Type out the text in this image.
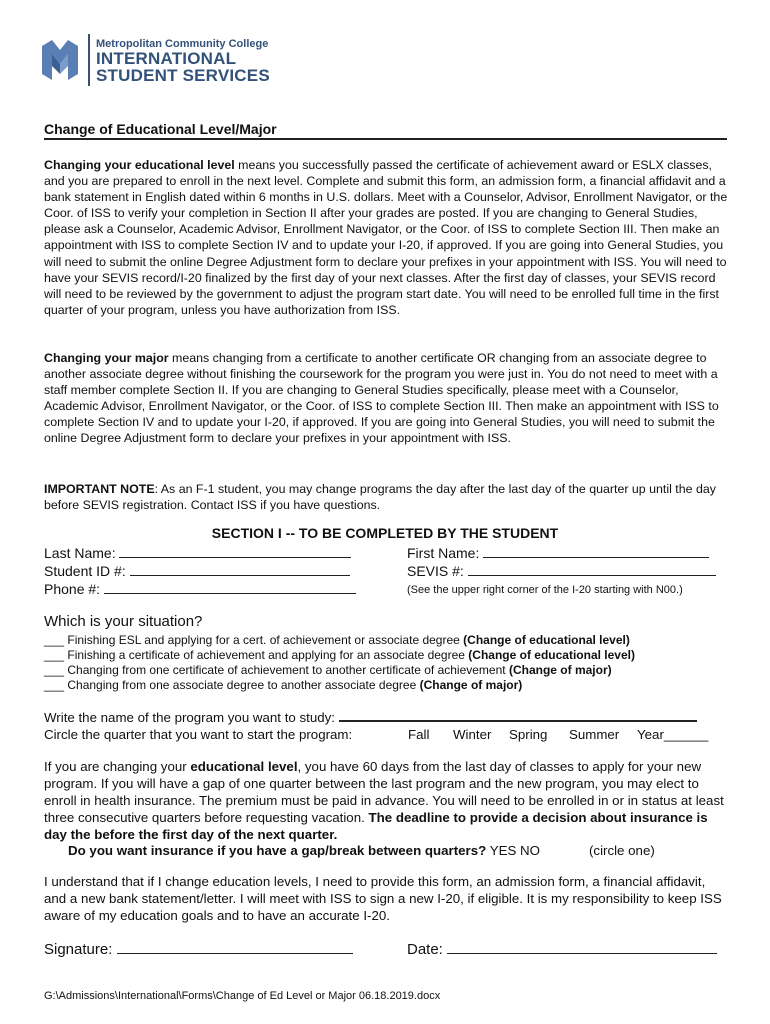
Metropolitan Community College
INTERNATIONAL
STUDENT SERVICES
Change of Educational Level/Major

Changing your educational level means you successfully passed the certificate of achievement award or ESLX classes, and you are prepared to enroll in the next level. Complete and submit this form, an admission form, a financial affidavit and a bank statement in English dated within 6 months in U.S. dollars. Meet with a Counselor, Advisor, Enrollment Navigator, or the Coor. of ISS to verify your completion in Section II after your grades are posted. If you are changing to General Studies, please ask a Counselor, Academic Advisor, Enrollment Navigator, or the Coor. of ISS to complete Section III. Then make an appointment with ISS to complete Section IV and to update your I-20, if approved. If you are going into General Studies, you will need to submit the online Degree Adjustment form to declare your prefixes in your appointment with ISS. You will need to have your SEVIS record/I-20 finalized by the first day of your next classes. After the first day of classes, your SEVIS record will need to be reviewed by the government to adjust the program start date. You will need to be enrolled full time in the first quarter of your program, unless you have authorization from ISS.

Changing your major means changing from a certificate to another certificate OR changing from an associate degree to another associate degree without finishing the coursework for the program you were just in. You do not need to meet with a staff member complete Section II. If you are changing to General Studies specifically, please meet with a Counselor, Academic Advisor, Enrollment Navigator, or the Coor. of ISS to complete Section III. Then make an appointment with ISS to complete Section IV and to update your I-20, if approved. If you are going into General Studies, you will need to submit the online Degree Adjustment form to declare your prefixes in your appointment with ISS.

IMPORTANT NOTE: As an F-1 student, you may change programs the day after the last day of the quarter up until the day before SEVIS registration. Contact ISS if you have questions.

SECTION I -- TO BE COMPLETED BY THE STUDENT
Last Name:	First Name:
Student ID #:	SEVIS #:
Phone #:	(See the upper right corner of the I-20 starting with N00.)
Which is your situation?
___ Finishing ESL and applying for a cert. of achievement or associate degree (Change of educational level)
___ Finishing a certificate of achievement and applying for an associate degree (Change of educational level)
___ Changing from one certificate of achievement to another certificate of achievement (Change of major)
___ Changing from one associate degree to another associate degree (Change of major)
Write the name of the program you want to study:
Circle the quarter that you want to start the program:	Fall Winter Spring Summer Year______

If you are changing your educational level, you have 60 days from the last day of classes to apply for your new program. If you will have a gap of one quarter between the last program and the new program, you may elect to enroll in health insurance. The premium must be paid in advance. You will need to be enrolled in or in status at least three consecutive quarters before requesting vacation. The deadline to provide a decision about insurance is day the before the first day of the next quarter.

Do you want insurance if you have a gap/break between quarters? YES NO	(circle one)

I understand that if I change education levels, I need to provide this form, an admission form, a financial affidavit, and a new bank statement/letter. I will meet with ISS to sign a new I-20, if eligible. It is my responsibility to keep ISS aware of my education goals and to have an accurate I-20.

Signature:	Date:
G:\Admissions\International\Forms\Change of Ed Level or Major 06.18.2019.docx
